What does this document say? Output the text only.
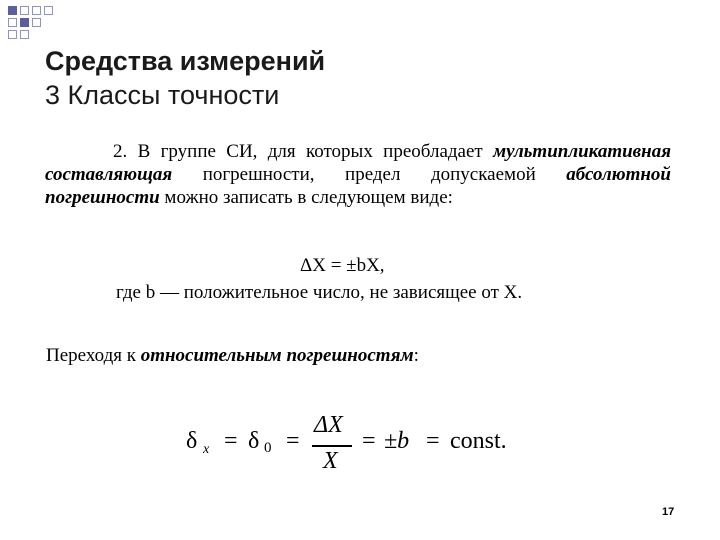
Средства измерений
3 Классы точности
2. В группе СИ, для которых преобладает мультипликативная составляющая погрешности, предел допускаемой абсолютной погрешности можно записать в следующем виде:
ΔX = ±bX,
где b — положительное число, не зависящее от X.
Переходя к относительным погрешностям:
δ x = δ 0 =
ΔX
X
= ±b = const.
17
